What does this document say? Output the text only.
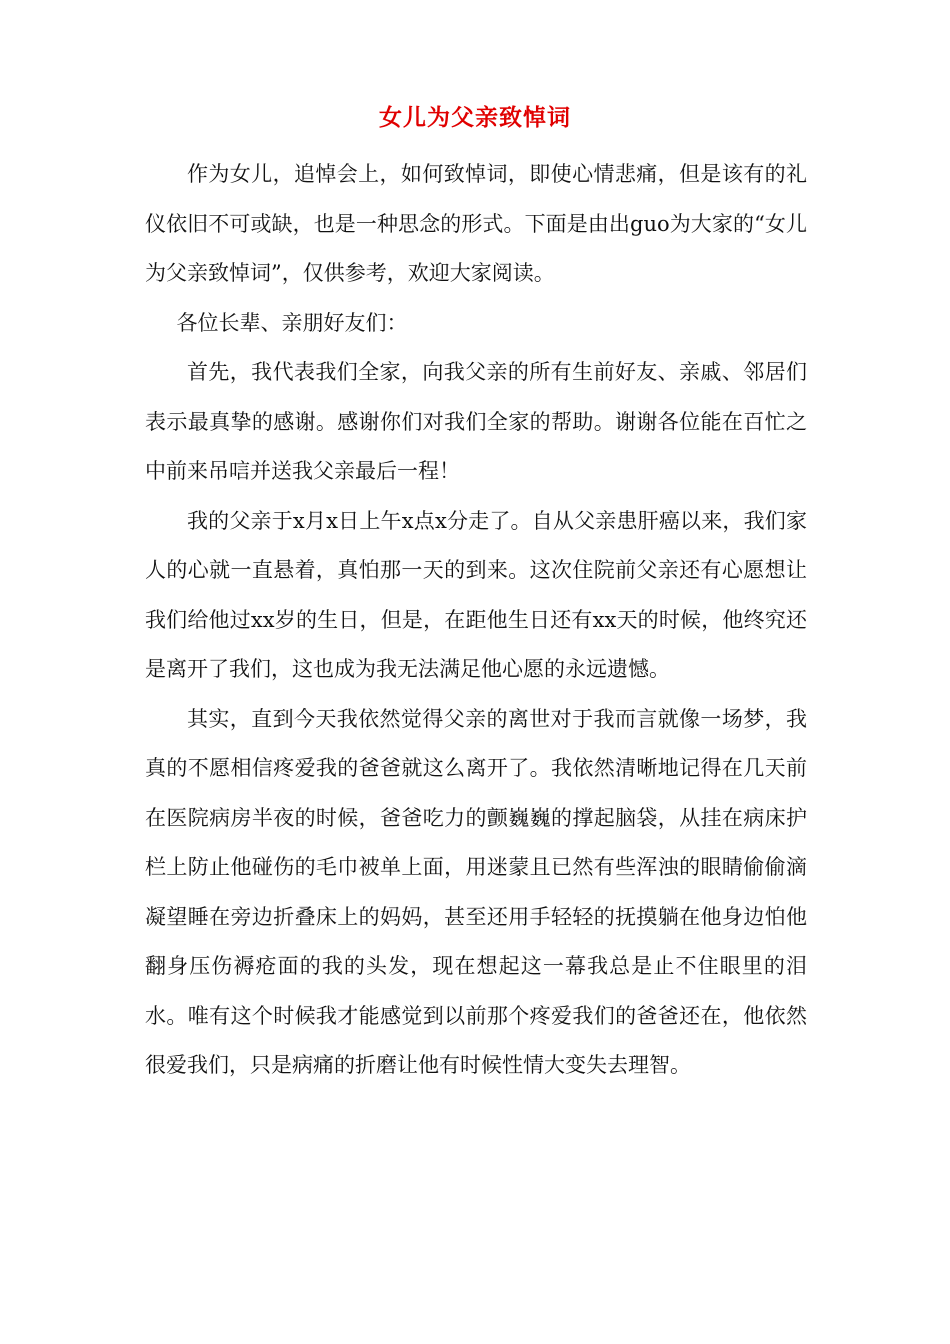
女儿为父亲致悼词

作为女儿，追悼会上，如何致悼词，即使心情悲痛，但是该有的礼仪依旧不可或缺，也是一种思念的形式。下面是由出guo为大家的“女儿为父亲致悼词”，仅供参考，欢迎大家阅读。

各位长辈、亲朋好友们：

首先，我代表我们全家，向我父亲的所有生前好友、亲戚、邻居们表示最真挚的感谢。感谢你们对我们全家的帮助。谢谢各位能在百忙之中前来吊唁并送我父亲最后一程！

我的父亲于x月x日上午x点x分走了。自从父亲患肝癌以来，我们家人的心就一直悬着，真怕那一天的到来。这次住院前父亲还有心愿想让我们给他过xx岁的生日，但是，在距他生日还有xx天的时候，他终究还是离开了我们，这也成为我无法满足他心愿的永远遗憾。

其实，直到今天我依然觉得父亲的离世对于我而言就像一场梦，我真的不愿相信疼爱我的爸爸就这么离开了。我依然清晰地记得在几天前在医院病房半夜的时候，爸爸吃力的颤巍巍的撑起脑袋，从挂在病床护栏上防止他碰伤的毛巾被单上面，用迷蒙且已然有些浑浊的眼睛偷偷滴凝望睡在旁边折叠床上的妈妈，甚至还用手轻轻的抚摸躺在他身边怕他翻身压伤褥疮面的我的头发，现在想起这一幕我总是止不住眼里的泪水。唯有这个时候我才能感觉到以前那个疼爱我们的爸爸还在，他依然很爱我们，只是病痛的折磨让他有时候性情大变失去理智。
